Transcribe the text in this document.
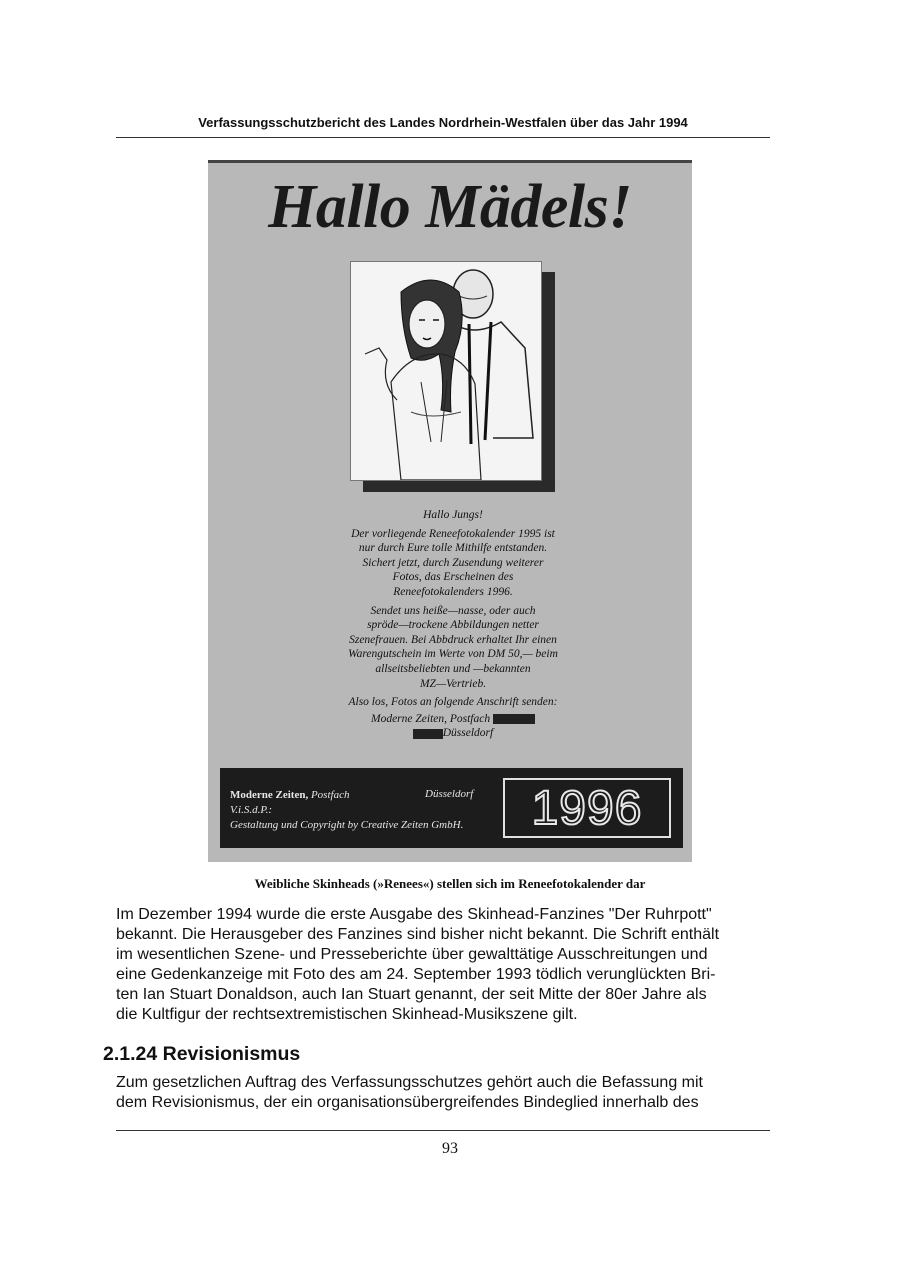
Verfassungsschutzbericht des Landes Nordrhein-Westfalen über das Jahr 1994
Hallo Mädels!

Hallo Jungs!

Der vorliegende Reneefotokalender 1995 ist
nur durch Eure tolle Mithilfe entstanden.
Sichert jetzt, durch Zusendung weiterer
Fotos, das Erscheinen des
Reneefotokalenders 1996.

Sendet uns heiße—nasse, oder auch
spröde—trockene Abbildungen netter
Szenefrauen. Bei Abbdruck erhaltet Ihr einen
Warengutschein im Werte von DM 50,— beim
allseitsbeliebten und —bekannten
MZ—Vertrieb.

Also los, Fotos an folgende Anschrift senden:

Moderne Zeiten, Postfach

Düsseldorf

Moderne Zeiten, Postfach
V.i.S.d.P.:
Gestaltung und Copyright by Creative Zeiten GmbH.
Düsseldorf 1996
Weibliche Skinheads (»Renees«) stellen sich im Reneefotokalender dar
Im Dezember 1994 wurde die erste Ausgabe des Skinhead-Fanzines "Der Ruhrpott"
bekannt. Die Herausgeber des Fanzines sind bisher nicht bekannt. Die Schrift enthält
im wesentlichen Szene- und Presseberichte über gewalttätige Ausschreitungen und
eine Gedenkanzeige mit Foto des am 24. September 1993 tödlich verunglückten Bri-
ten Ian Stuart Donaldson, auch Ian Stuart genannt, der seit Mitte der 80er Jahre als
die Kultfigur der rechtsextremistischen Skinhead-Musikszene gilt.
2.1.24 Revisionismus
Zum gesetzlichen Auftrag des Verfassungsschutzes gehört auch die Befassung mit
dem Revisionismus, der ein organisationsübergreifendes Bindeglied innerhalb des
93
